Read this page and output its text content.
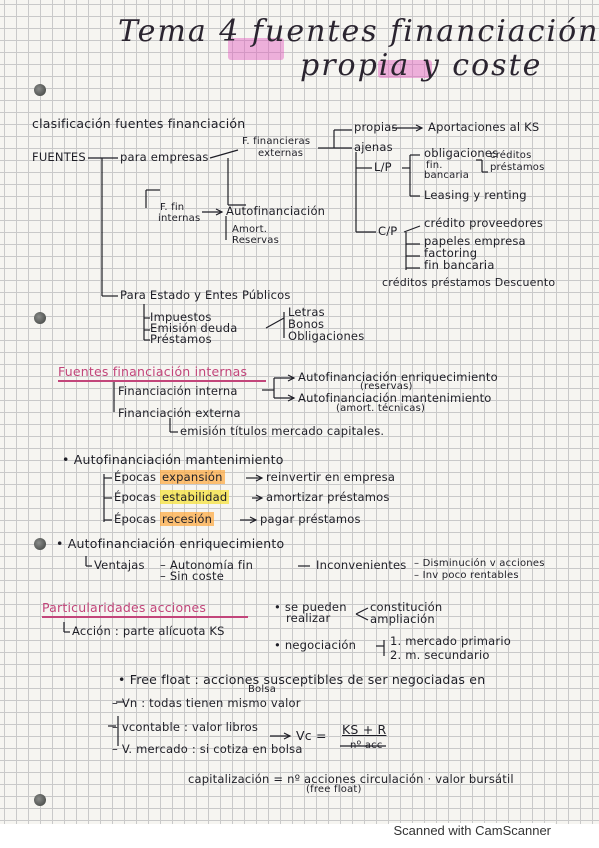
Tema 4 fuentes financiación
propia y coste
clasificación fuentes financiación
FUENTES	para empresas
F. financieras
externas
propias	Aportaciones al KS
ajenas
L/P
obligaciones
fin.
bancaria
créditos
préstamos
Leasing y renting
F. fin
internas
Autofinanciación
Amort.
Reservas
C/P
crédito proveedores
papeles empresa
factoring
fin bancaria
créditos préstamos Descuento
Para Estado y Entes Públicos
Impuestos
Emisión deuda
Préstamos
Letras
Bonos
Obligaciones
Fuentes financiación internas
Financiación interna
Financiación externa
Autofinanciación enriquecimiento
(reservas)
Autofinanciación mantenimiento
(amort. técnicas)
emisión títulos mercado capitales.
• Autofinanciación mantenimiento
Épocas expansión	reinvertir en empresa
Épocas estabilidad	amortizar préstamos
Épocas recesión	pagar préstamos
• Autofinanciación enriquecimiento
Ventajas – Autonomía fin
– Sin coste
Inconvenientes – Disminución v acciones
– Inv poco rentables
Particularidades acciones
Acción : parte alícuota KS
• se pueden
realizar
constitución
ampliación
• negociación	1. mercado primario
2. m. secundario
• Free float : acciones susceptibles de ser negociadas en
Bolsa
– Vn : todas tienen mismo valor
– vcontable : valor libros
Vc = KS + R
nº acc
– V. mercado : si cotiza en bolsa
capitalización = nº acciones circulación · valor bursátil
(free float)
Scanned with CamScanner
